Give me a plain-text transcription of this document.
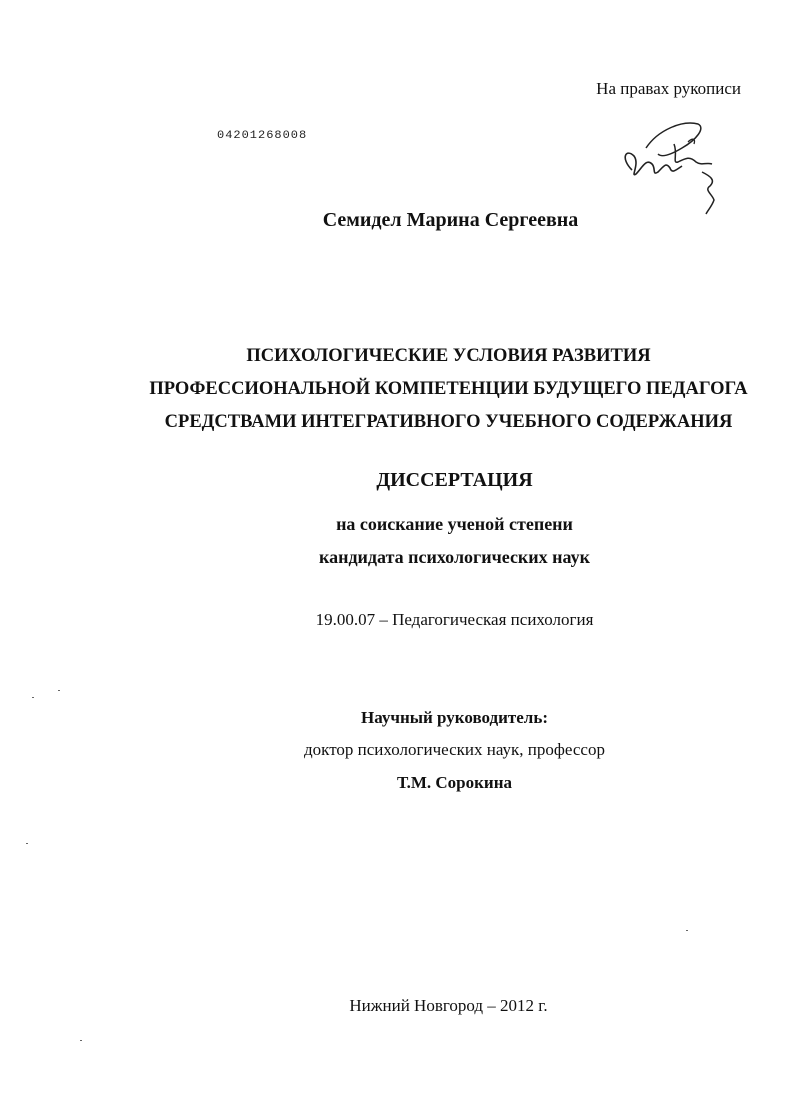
На правах рукописи
04201268008
Семидел Марина Сергеевна
ПСИХОЛОГИЧЕСКИЕ УСЛОВИЯ РАЗВИТИЯ
ПРОФЕССИОНАЛЬНОЙ КОМПЕТЕНЦИИ БУДУЩЕГО ПЕДАГОГА
СРЕДСТВАМИ ИНТЕГРАТИВНОГО УЧЕБНОГО СОДЕРЖАНИЯ
ДИССЕРТАЦИЯ
на соискание ученой степени
кандидата психологических наук
19.00.07 – Педагогическая психология
Научный руководитель:
доктор психологических наук, профессор
Т.М. Сорокина
Нижний Новгород – 2012 г.
